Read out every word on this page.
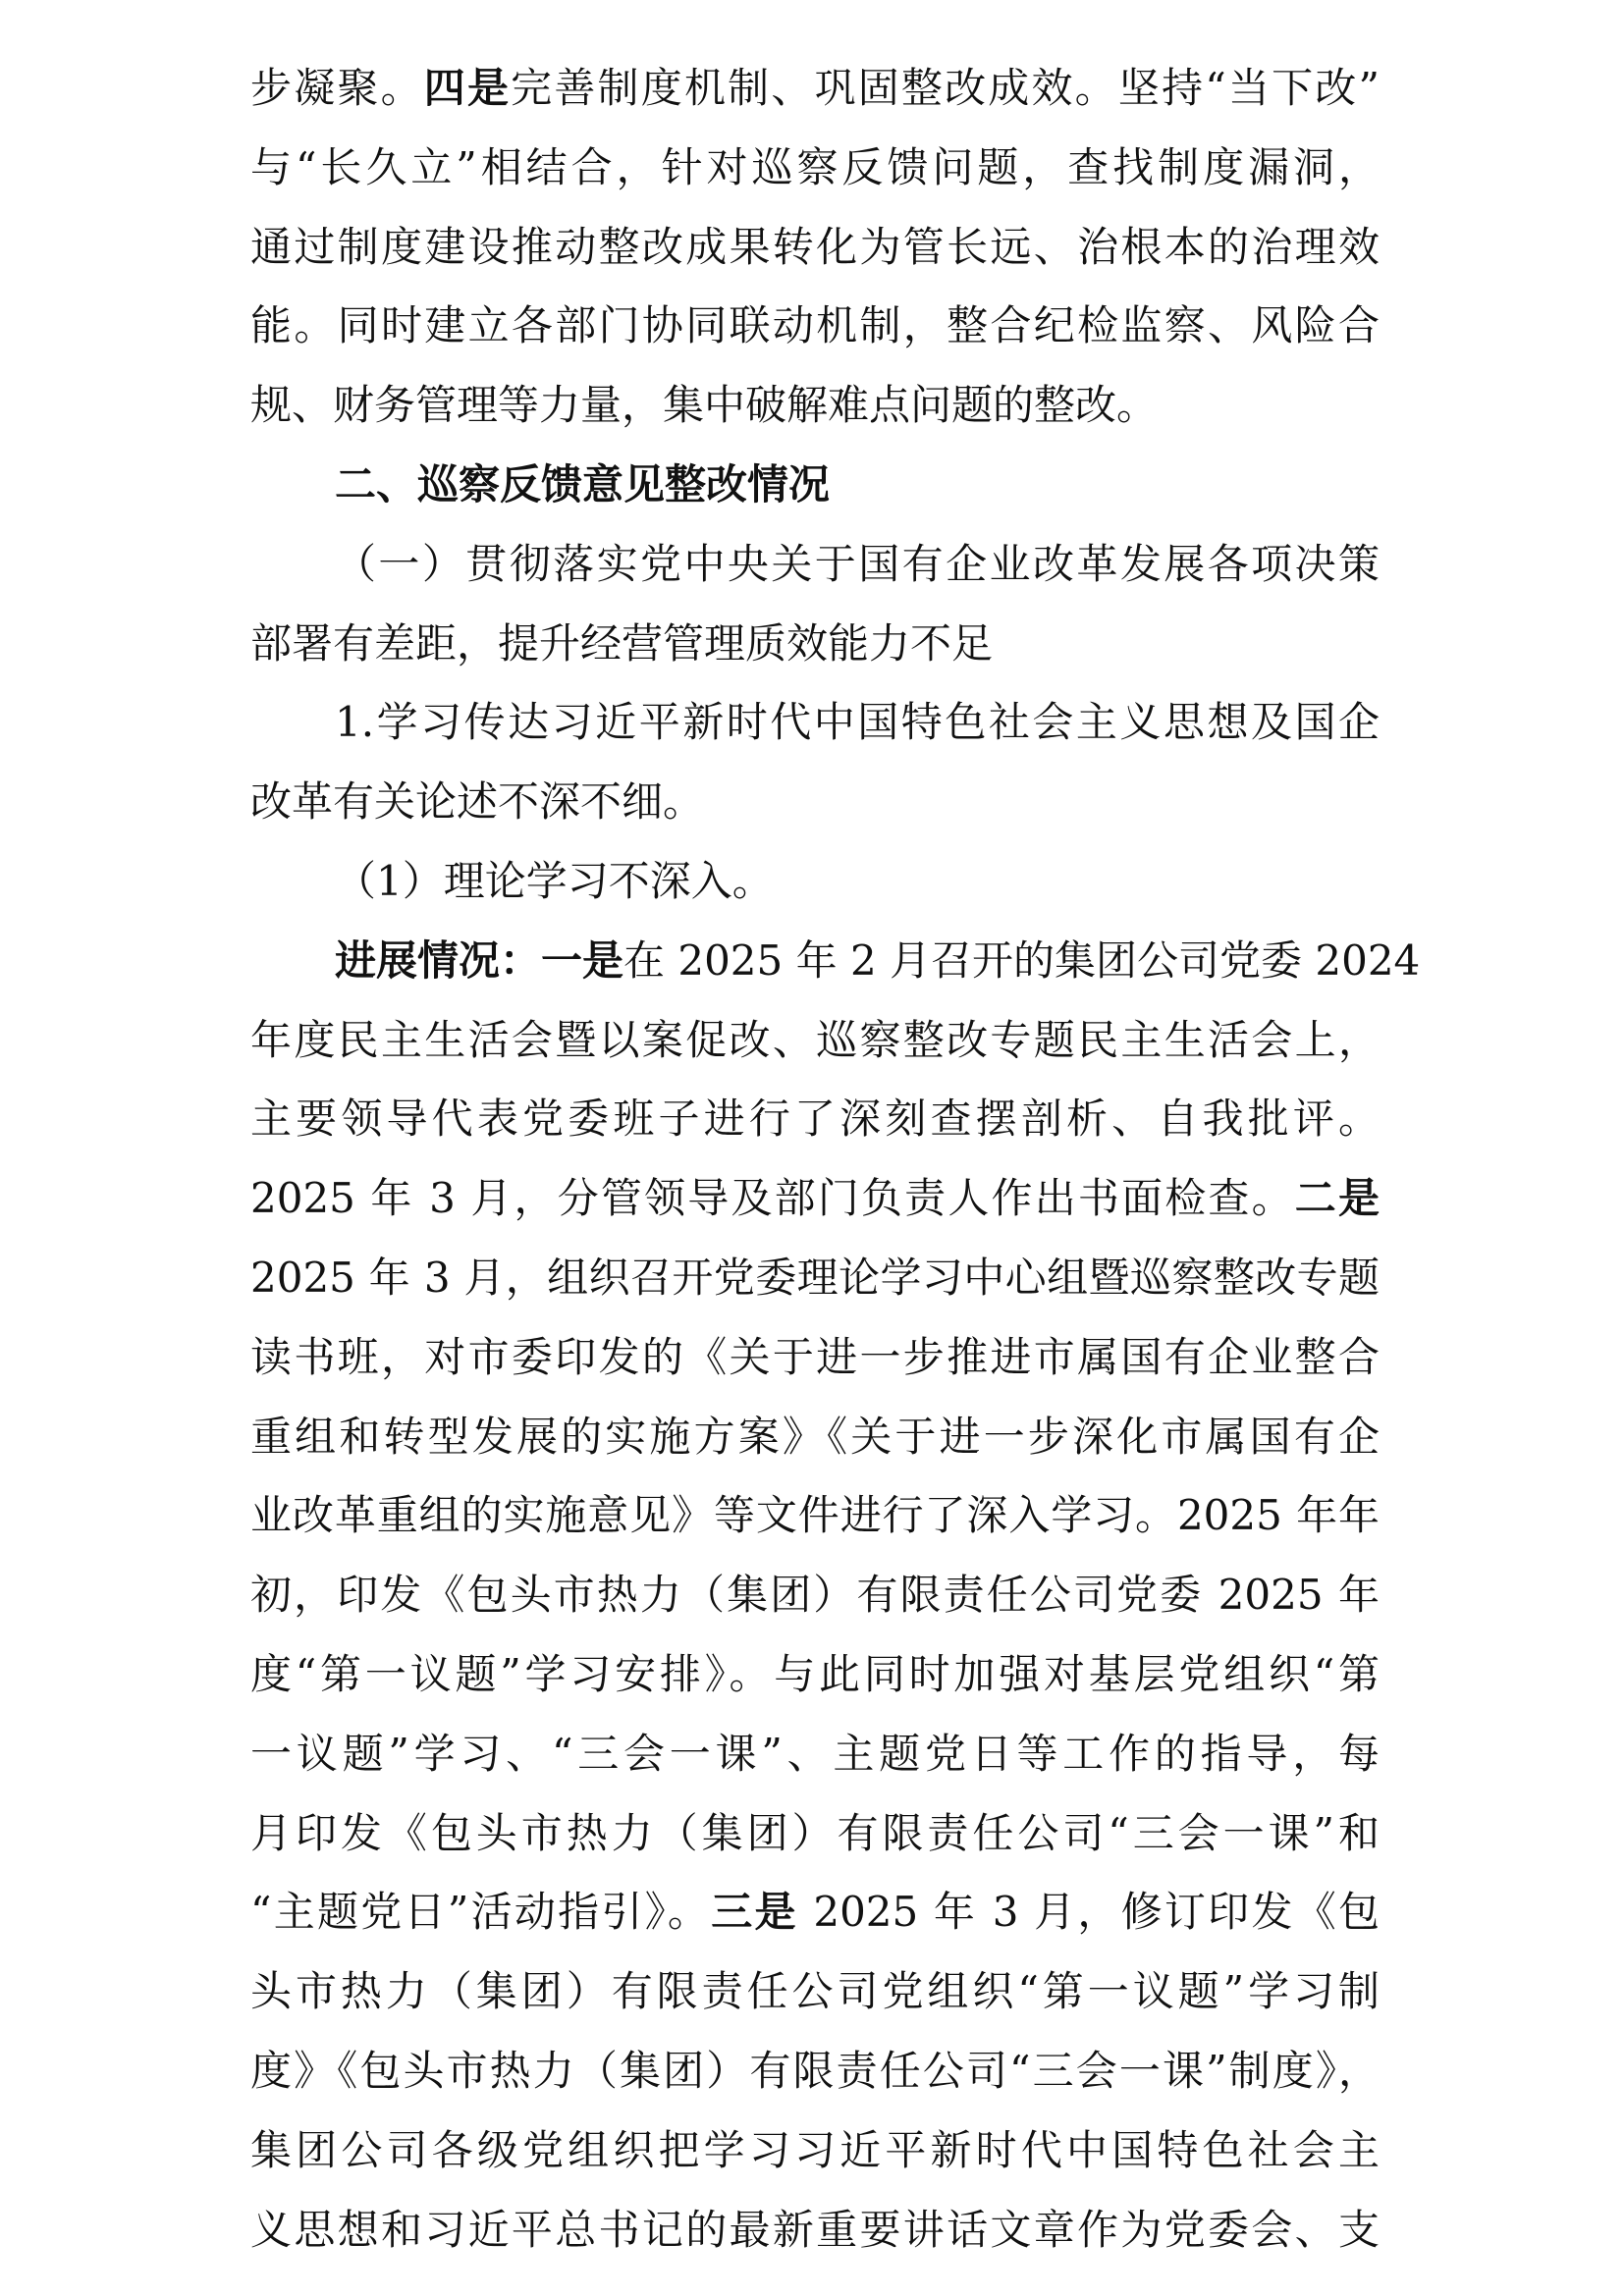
步凝聚。四是完善制度机制、巩固整改成效。坚持“当下改”
与“长久立”相结合，针对巡察反馈问题，查找制度漏洞，
通过制度建设推动整改成果转化为管长远、治根本的治理效
能。同时建立各部门协同联动机制，整合纪检监察、风险合
规、财务管理等力量，集中破解难点问题的整改。
二、巡察反馈意见整改情况
（一）贯彻落实党中央关于国有企业改革发展各项决策
部署有差距，提升经营管理质效能力不足
1.学习传达习近平新时代中国特色社会主义思想及国企
改革有关论述不深不细。
（1）理论学习不深入。
进展情况：一是在 2025 年 2 月召开的集团公司党委 2024
年度民主生活会暨以案促改、巡察整改专题民主生活会上，
主要领导代表党委班子进行了深刻查摆剖析、自我批评。
2025 年 3 月，分管领导及部门负责人作出书面检查。二是
2025 年 3 月，组织召开党委理论学习中心组暨巡察整改专题
读书班，对市委印发的《关于进一步推进市属国有企业整合
重组和转型发展的实施方案》《关于进一步深化市属国有企
业改革重组的实施意见》等文件进行了深入学习。2025 年年
初，印发《包头市热力（集团）有限责任公司党委 2025 年
度“第一议题”学习安排》。与此同时加强对基层党组织“第
一议题”学习、“三会一课”、主题党日等工作的指导，每
月印发《包头市热力（集团）有限责任公司“三会一课”和
“主题党日”活动指引》。三是 2025 年 3 月，修订印发《包
头市热力（集团）有限责任公司党组织“第一议题”学习制
度》《包头市热力（集团）有限责任公司“三会一课”制度》，
集团公司各级党组织把学习习近平新时代中国特色社会主
义思想和习近平总书记的最新重要讲话文章作为党委会、支
